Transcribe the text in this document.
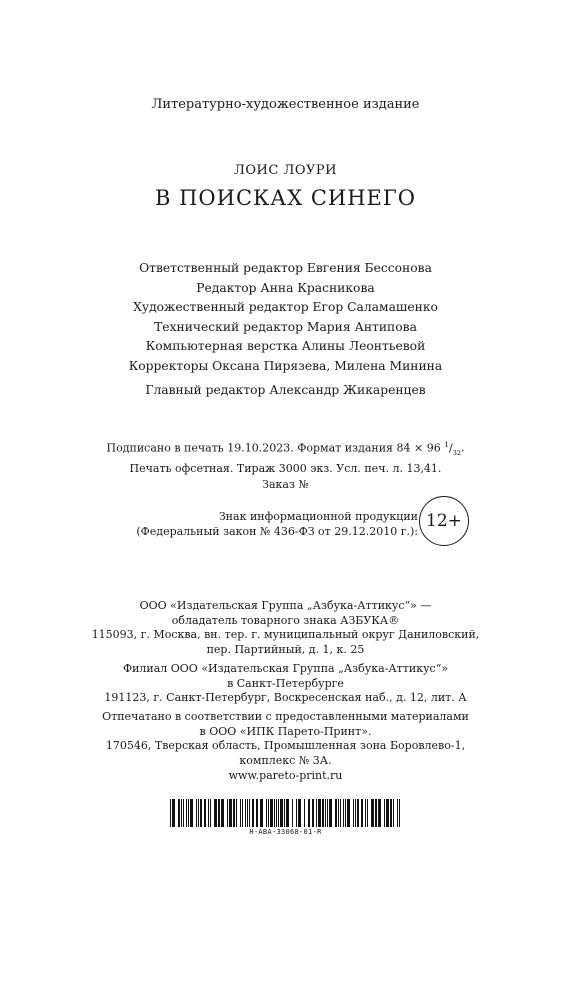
Литературно-художественное издание
ЛОИС ЛОУРИ
В ПОИСКАХ СИНЕГО
Ответственный редактор Евгения Бессонова
Редактор Анна Красникова
Художественный редактор Егор Саламашенко
Технический редактор Мария Антипова
Компьютерная верстка Алины Леонтьевой
Корректоры Оксана Пирязева, Милена Минина
Главный редактор Александр Жикаренцев
Подписано в печать 19.10.2023. Формат издания 84 × 96 $^1/_{32}$.
Печать офсетная. Тираж 3000 экз. Усл. печ. л. 13,41.
Заказ №
Знак информационной продукции
(Федеральный закон № 436-ФЗ от 29.12.2010 г.):
12+
ООО «Издательская Группа „Азбука-Аттикус“» —
обладатель товарного знака АЗБУКА®
115093, г. Москва, вн. тер. г. муниципальный округ Даниловский,
пер. Партийный, д. 1, к. 25
Филиал ООО «Издательская Группа „Азбука-Аттикус“»
в Санкт-Петербурге
191123, г. Санкт-Петербург, Воскресенская наб., д. 12, лит. А
Отпечатано в соответствии с предоставленными материалами
в ООО «ИПК Парето-Принт».
170546, Тверская область, Промышленная зона Боровлево-1,
комплекс № 3А.
www.pareto-print.ru
H-ABA-33068-01-R
